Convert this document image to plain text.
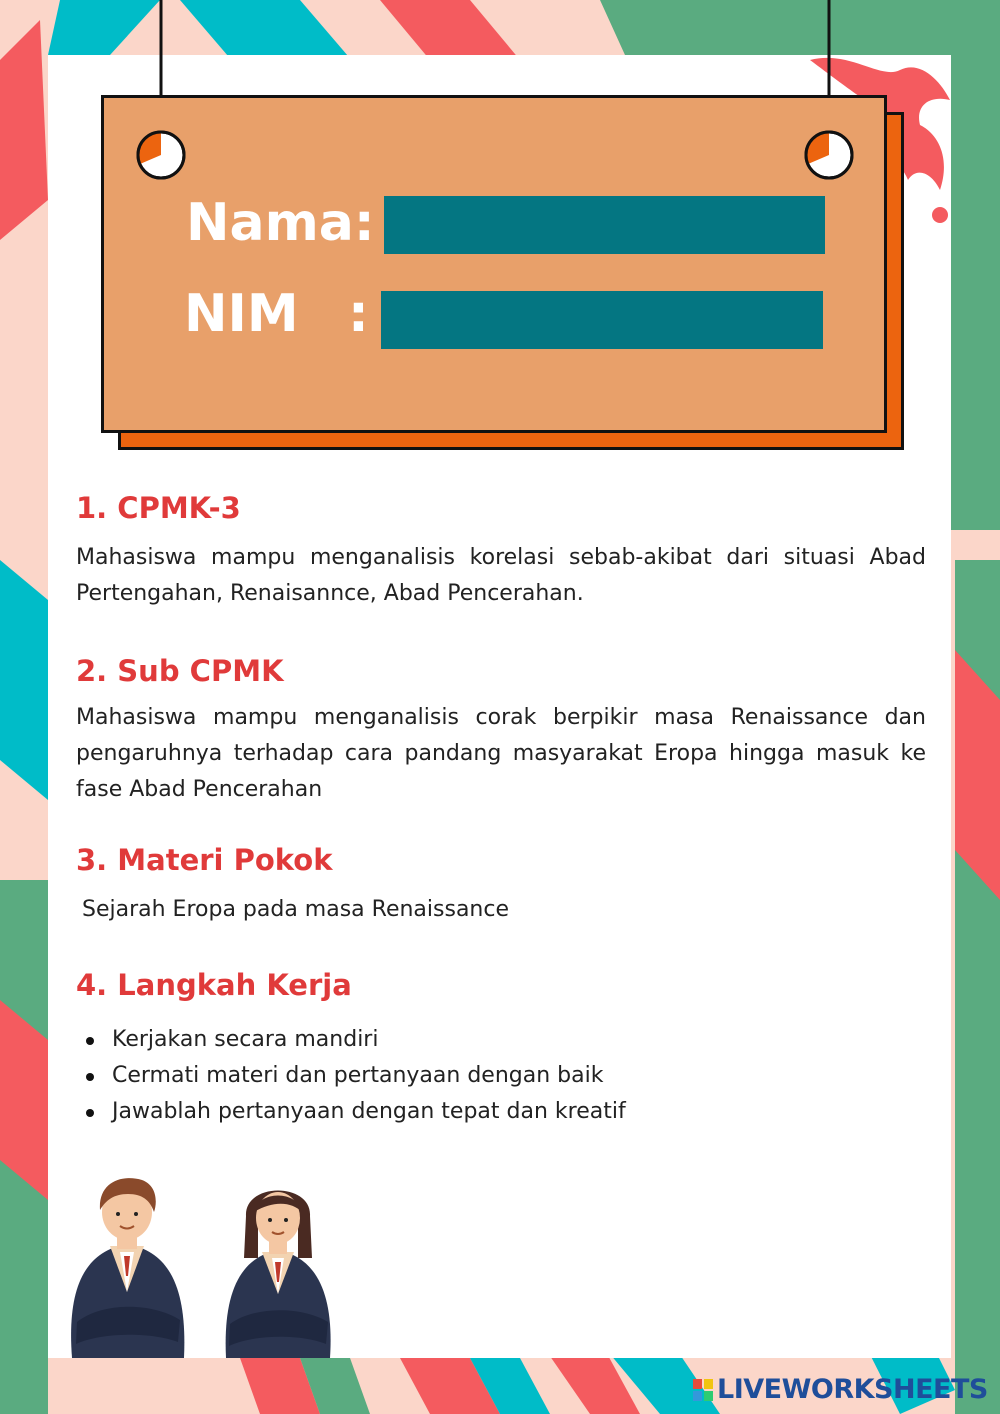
Nama:
NIM :
1. CPMK-3

Mahasiswa mampu menganalisis korelasi sebab-akibat dari situasi Abad Pertengahan, Renaisannce, Abad Pencerahan.

2. Sub CPMK

Mahasiswa mampu menganalisis corak berpikir masa Renaissance dan pengaruhnya terhadap cara pandang masyarakat Eropa hingga masuk ke fase Abad Pencerahan

3. Materi Pokok

Sejarah Eropa pada masa Renaissance

4. Langkah Kerja
Kerjakan secara mandiri
Cermati materi dan pertanyaan dengan baik
Jawablah pertanyaan dengan tepat dan kreatif
LIVEWORKSHEETS
